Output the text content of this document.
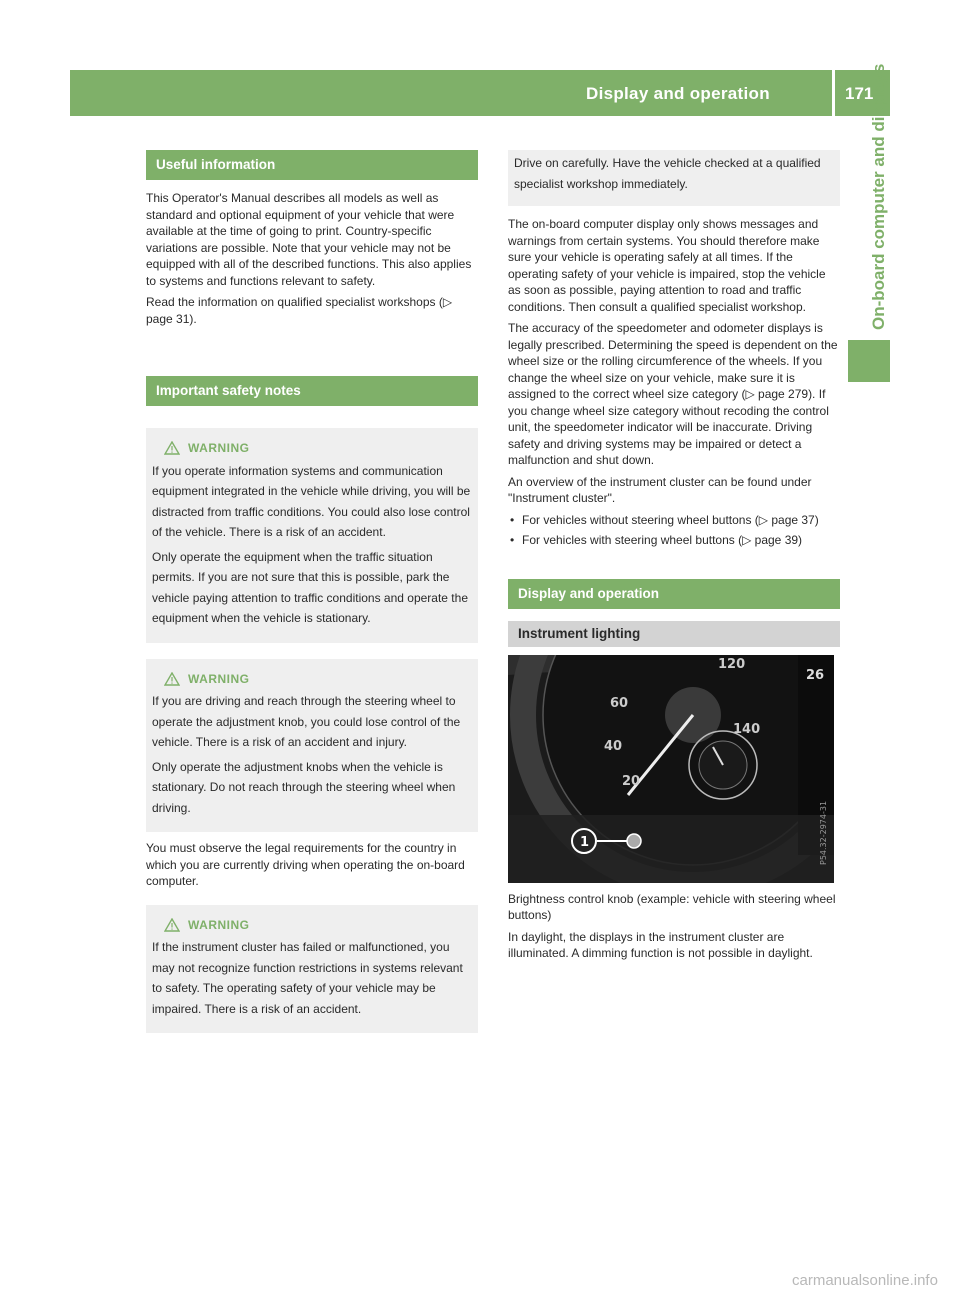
Display and operation	171
On-board computer and displays
Useful information

This Operator's Manual describes all models as well as standard and optional equipment of your vehicle that were available at the time of going to print. Country-specific variations are possible. Note that your vehicle may not be equipped with all of the described functions. This also applies to systems and functions relevant to safety.

Read the information on qualified specialist workshops (▷ page 31).

Important safety notes
WARNING

If you operate information systems and communication equipment integrated in the vehicle while driving, you will be distracted from traffic conditions. You could also lose control of the vehicle. There is a risk of an accident.

Only operate the equipment when the traffic situation permits. If you are not sure that this is possible, park the vehicle paying attention to traffic conditions and operate the equipment when the vehicle is stationary.

WARNING

If you are driving and reach through the steering wheel to operate the adjustment knob, you could lose control of the vehicle. There is a risk of an accident and injury.

Only operate the adjustment knobs when the vehicle is stationary. Do not reach through the steering wheel when driving.

You must observe the legal requirements for the country in which you are currently driving when operating the on-board computer.

WARNING

If the instrument cluster has failed or malfunctioned, you may not recognize function restrictions in systems relevant to safety. The operating safety of your vehicle may be impaired. There is a risk of an accident.

Drive on carefully. Have the vehicle checked at a qualified specialist workshop immediately.

The on-board computer display only shows messages and warnings from certain systems. You should therefore make sure your vehicle is operating safely at all times. If the operating safety of your vehicle is impaired, stop the vehicle as soon as possible, paying attention to road and traffic conditions. Then consult a qualified specialist workshop.

The accuracy of the speedometer and odometer displays is legally prescribed. Determining the speed is dependent on the wheel size or the rolling circumference of the wheels. If you change the wheel size on your vehicle, make sure it is assigned to the correct wheel size category (▷ page 279). If you change wheel size category without recoding the control unit, the speedometer indicator will be inaccurate. Driving safety and driving systems may be impaired or detect a malfunction and shut down.

An overview of the instrument cluster can be found under "Instrument cluster".

• For vehicles without steering wheel buttons (▷ page 37)
• For vehicles with steering wheel buttons (▷ page 39)
Display and operation
Instrument lighting
120
60
140
40
20
26
1	P54.32-2974-31

Brightness control knob (example: vehicle with steering wheel buttons)

In daylight, the displays in the instrument cluster are illuminated. A dimming function is not possible in daylight.

carmanualsonline.info
